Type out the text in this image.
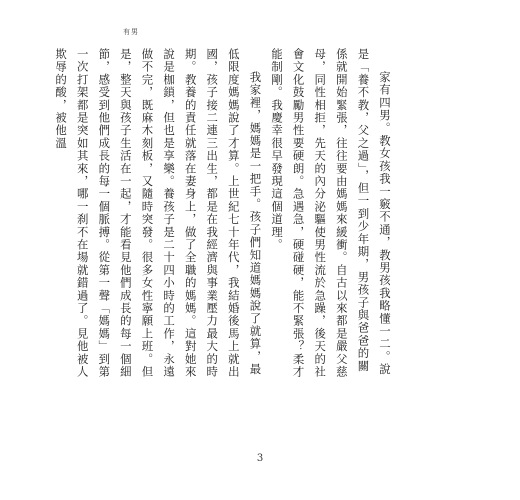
有男

家有四男。教女孩我一竅不通，教男孩我略懂一二。說是「養不教，父之過」，但一到少年期，男孩子與爸爸的關係就開始緊張，往往要由媽媽來緩衝。自古以來都是嚴父慈母，同性相拒，先天的內分泌驅使男性流於急躁，後天的社會文化鼓勵男性要硬朗。急遇急，硬碰硬，能不緊張？柔才能制剛。我慶幸很早發現這個道理。

我家裡，媽媽是一把手。孩子們知道媽媽說了就算，最低限度媽媽說了才算。上世紀七十年代，我結婚後馬上就出國，孩子接二連三出生，都是在我經濟與事業壓力最大的時期。教養的責任就落在妻身上，做了全職的媽媽。這對她來說是枷鎖，但也是享樂。養孩子是二十四小時的工作，永遠做不完，既麻木刻板，又隨時突發。很多女性寧願上班。但是，整天與孩子生活在一起，才能看見他們成長的每一個細節，感受到他們成長的每一個脈搏。從第一聲「媽媽」到第一次打架都是突如其來，哪一刹不在場就錯過了。見他被人欺辱的酸，被他溫

3
